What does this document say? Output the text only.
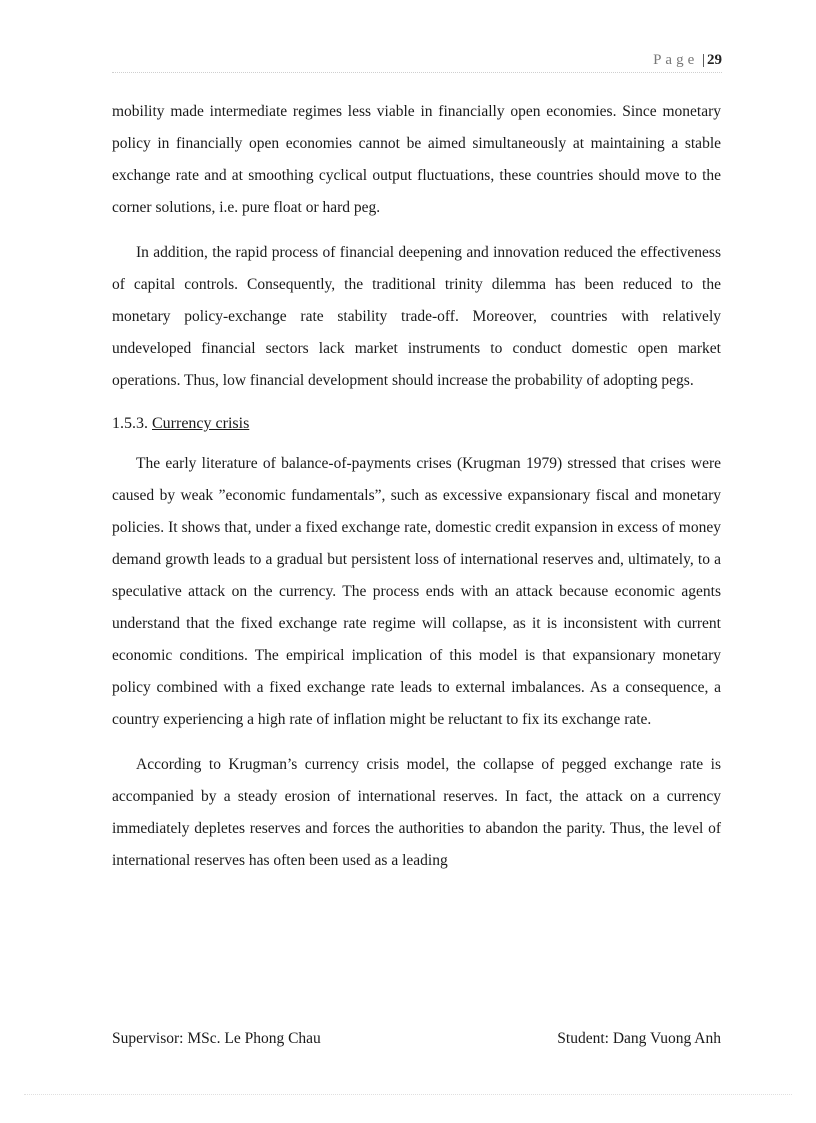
Page | 29

mobility made intermediate regimes less viable in financially open economies. Since monetary policy in financially open economies cannot be aimed simultaneously at maintaining a stable exchange rate and at smoothing cyclical output fluctuations, these countries should move to the corner solutions, i.e. pure float or hard peg.

In addition, the rapid process of financial deepening and innovation reduced the effectiveness of capital controls. Consequently, the traditional trinity dilemma has been reduced to the monetary policy-exchange rate stability trade-off. Moreover, countries with relatively undeveloped financial sectors lack market instruments to conduct domestic open market operations. Thus, low financial development should increase the probability of adopting pegs.

1.5.3. Currency crisis

The early literature of balance-of-payments crises (Krugman 1979) stressed that crises were caused by weak ”economic fundamentals”, such as excessive expansionary fiscal and monetary policies. It shows that, under a fixed exchange rate, domestic credit expansion in excess of money demand growth leads to a gradual but persistent loss of international reserves and, ultimately, to a speculative attack on the currency. The process ends with an attack because economic agents understand that the fixed exchange rate regime will collapse, as it is inconsistent with current economic conditions. The empirical implication of this model is that expansionary monetary policy combined with a fixed exchange rate leads to external imbalances. As a consequence, a country experiencing a high rate of inflation might be reluctant to fix its exchange rate.

According to Krugman’s currency crisis model, the collapse of pegged exchange rate is accompanied by a steady erosion of international reserves. In fact, the attack on a currency immediately depletes reserves and forces the authorities to abandon the parity. Thus, the level of international reserves has often been used as a leading

Supervisor: MSc. Le Phong Chau	Student: Dang Vuong Anh
